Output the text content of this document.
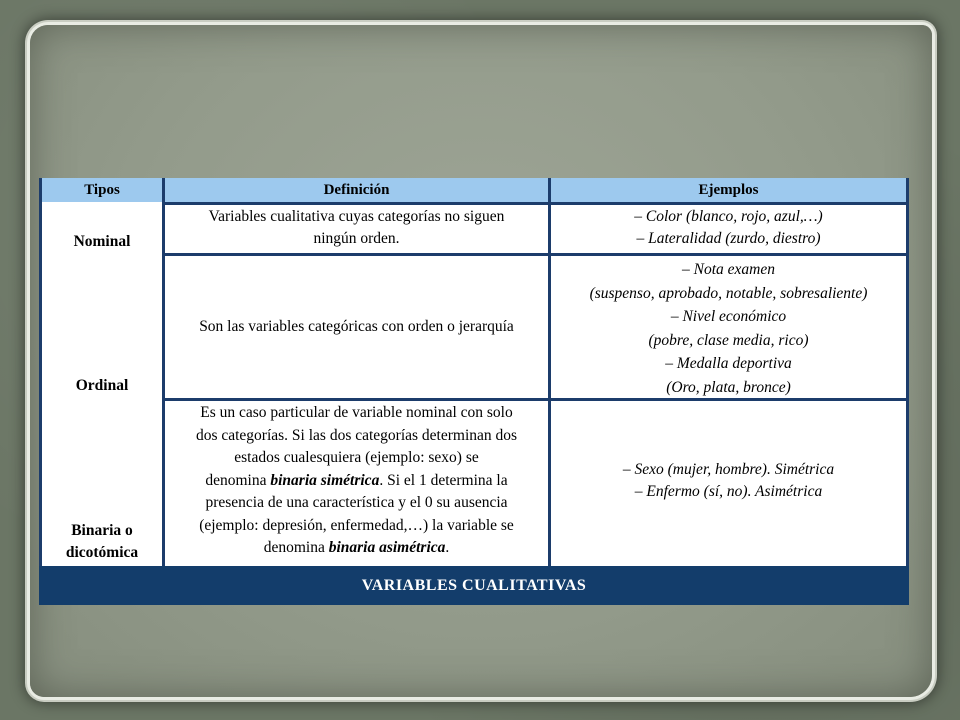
Tipos	Definición	Ejemplos
Nominal
Ordinal
Binaria o
dicotómica
Variables cualitativa cuyas categorías no siguen
ningún orden.
– Color (blanco, rojo, azul,…)
– Lateralidad (zurdo, diestro)
Son las variables categóricas con orden o jerarquía
– Nota examen
(suspenso, aprobado, notable, sobresaliente)
– Nivel económico
(pobre, clase media, rico)
– Medalla deportiva
(Oro, plata, bronce)
Es un caso particular de variable nominal con solo
dos categorías. Si las dos categorías determinan dos
estados cualesquiera (ejemplo: sexo) se
denomina binaria simétrica. Si el 1 determina la
presencia de una característica y el 0 su ausencia
(ejemplo: depresión, enfermedad,…) la variable se
denomina binaria asimétrica.
– Sexo (mujer, hombre). Simétrica
– Enfermo (sí, no). Asimétrica
VARIABLES CUALITATIVAS
